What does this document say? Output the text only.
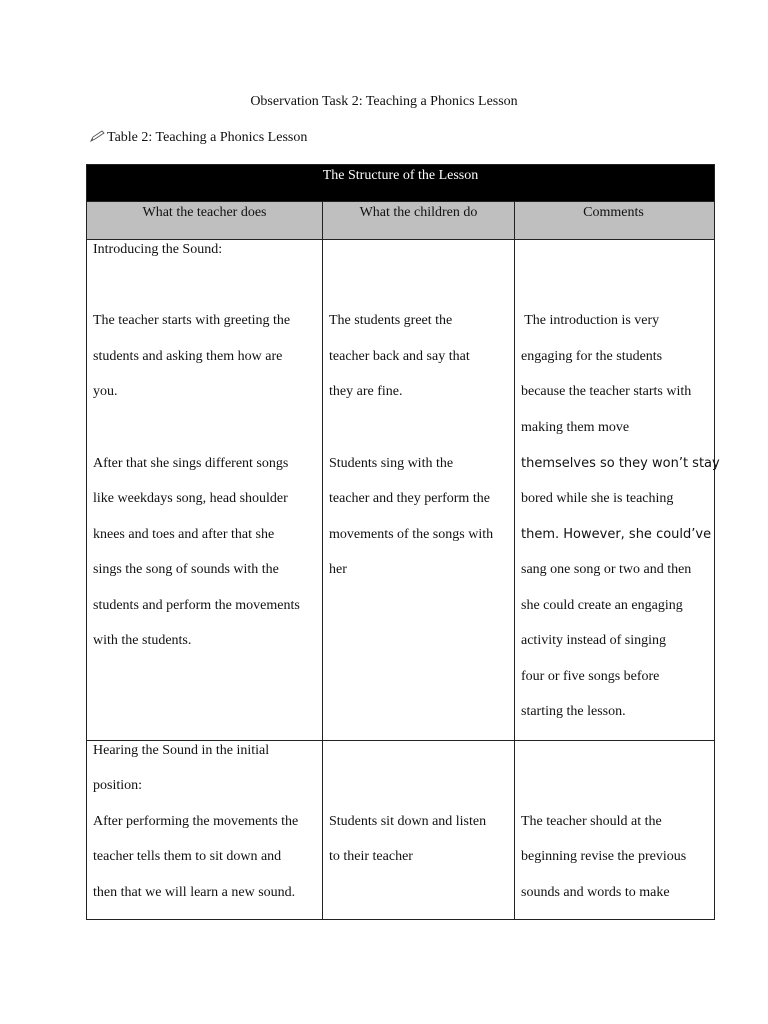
Observation Task 2: Teaching a Phonics Lesson
Table 2: Teaching a Phonics Lesson
The Structure of the Lesson
What the teacher does	What the children do	Comments
Introducing the Sound:
The teacher starts with greeting the
students and asking them how are
you.
After that she sings different songs
like weekdays song, head shoulder
knees and toes and after that she
sings the song of sounds with the
students and perform the movements
with the students.
The students greet the
teacher back and say that
they are fine.
Students sing with the
teacher and they perform the
movements of the songs with
her
The introduction is very
engaging for the students
because the teacher starts with
making them move
themselves so they won’t stay
bored while she is teaching
them. However, she could’ve
sang one song or two and then
she could create an engaging
activity instead of singing
four or five songs before
starting the lesson.
Hearing the Sound in the initial
position:
After performing the movements the
teacher tells them to sit down and
then that we will learn a new sound.
Students sit down and listen
to their teacher
The teacher should at the
beginning revise the previous
sounds and words to make
